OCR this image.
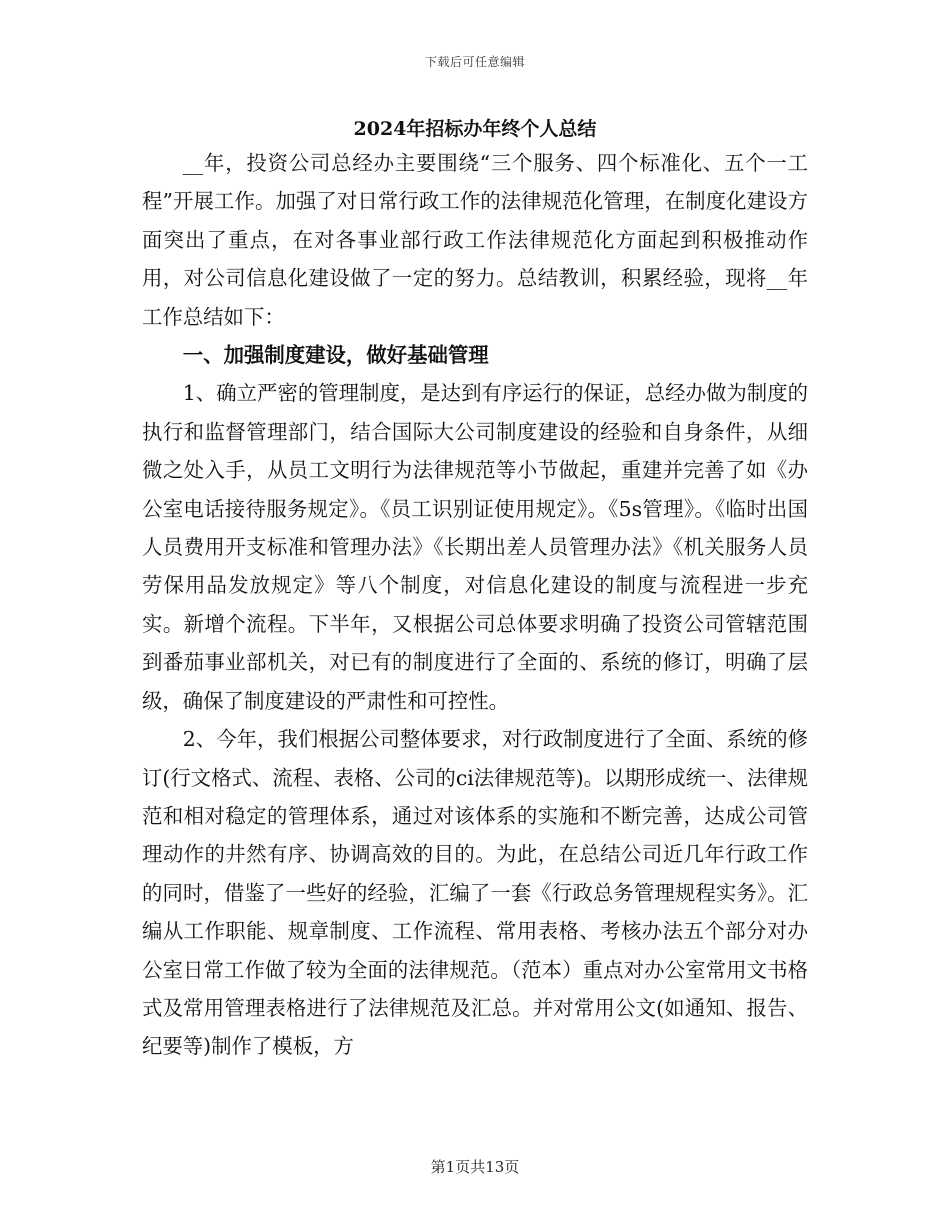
下载后可任意编辑
2024年招标办年终个人总结

__年，投资公司总经办主要围绕“三个服务、四个标准化、五个一工程”开展工作。加强了对日常行政工作的法律规范化管理，在制度化建设方面突出了重点，在对各事业部行政工作法律规范化方面起到积极推动作用，对公司信息化建设做了一定的努力。总结教训，积累经验，现将__年工作总结如下：

一、加强制度建设，做好基础管理

1、确立严密的管理制度，是达到有序运行的保证，总经办做为制度的执行和监督管理部门，结合国际大公司制度建设的经验和自身条件，从细微之处入手，从员工文明行为法律规范等小节做起，重建并完善了如《办公室电话接待服务规定》。《员工识别证使用规定》。《5s管理》。《临时出国人员费用开支标准和管理办法》《长期出差人员管理办法》《机关服务人员劳保用品发放规定》等八个制度，对信息化建设的制度与流程进一步充实。新增个流程。下半年，又根据公司总体要求明确了投资公司管辖范围到番茄事业部机关，对已有的制度进行了全面的、系统的修订，明确了层级，确保了制度建设的严肃性和可控性。

2、今年，我们根据公司整体要求，对行政制度进行了全面、系统的修订(行文格式、流程、表格、公司的ci法律规范等)。以期形成统一、法律规范和相对稳定的管理体系，通过对该体系的实施和不断完善，达成公司管理动作的井然有序、协调高效的目的。为此，在总结公司近几年行政工作的同时，借鉴了一些好的经验，汇编了一套《行政总务管理规程实务》。汇编从工作职能、规章制度、工作流程、常用表格、考核办法五个部分对办公室日常工作做了较为全面的法律规范。（范本）重点对办公室常用文书格式及常用管理表格进行了法律规范及汇总。并对常用公文(如通知、报告、纪要等)制作了模板，方

第1页共13页
